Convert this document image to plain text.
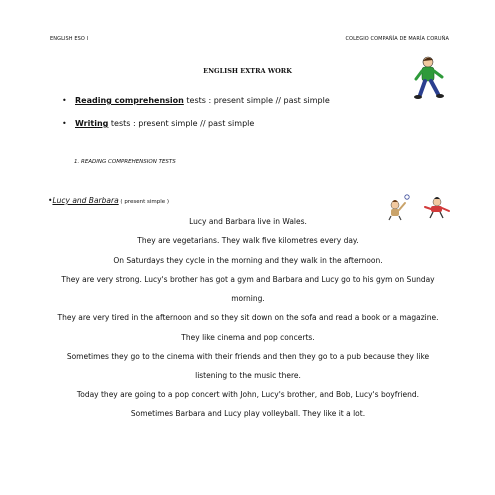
ENGLISH ESO I	COLEGIO COMPAÑÍA DE MARÍA CORUÑA
ENGLISH EXTRA WORK
• Reading comprehension tests : present simple // past simple
• Writing tests : present simple // past simple
1. READING COMPREHENSION TESTS
•Lucy and Barbara ( present simple )
Lucy and Barbara live in Wales.
They are vegetarians. They walk five kilometres every day.
On Saturdays they cycle in the morning and they walk in the afternoon.
They are very strong. Lucy's brother has got a gym and Barbara and Lucy go to his gym on Sunday
morning.
They are very tired in the afternoon and so they sit down on the sofa and read a book or a magazine.
They like cinema and pop concerts.
Sometimes they go to the cinema with their friends and then they go to a pub because they like
listening to the music there.
Today they are going to a pop concert with John, Lucy's brother, and Bob, Lucy's boyfriend.
Sometimes Barbara and Lucy play volleyball. They like it a lot.
